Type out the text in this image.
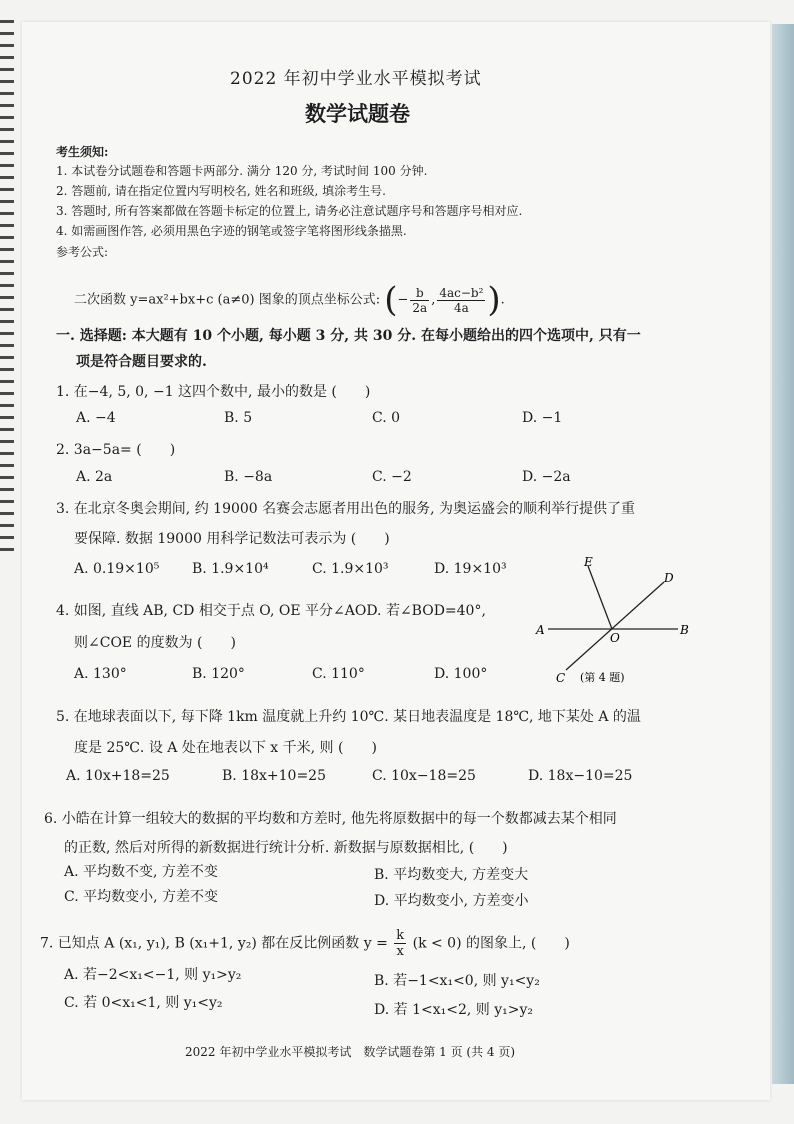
2022 年初中学业水平模拟考试
数学试题卷
考生须知:
1. 本试卷分试题卷和答题卡两部分. 满分 120 分, 考试时间 100 分钟.
2. 答题前, 请在指定位置内写明校名, 姓名和班级, 填涂考生号.
3. 答题时, 所有答案都做在答题卡标定的位置上, 请务必注意试题序号和答题序号相对应.
4. 如需画图作答, 必须用黑色字迹的钢笔或签字笔将图形线条描黑.
参考公式:
二次函数 y=ax²+bx+c (a≠0) 图象的顶点坐标公式: (− $\frac{b}{2a}$ , $\frac{\text{4ac−b²}}{4a}$ ).
一. 选择题: 本大题有 10 个小题, 每小题 3 分, 共 30 分. 在每小题给出的四个选项中, 只有一
项是符合题目要求的.
1. 在−4, 5, 0, −1 这四个数中, 最小的数是 (　　)
A. −4	B. 5	C. 0	D. −1
2. 3a−5a= (　　)
A. 2a	B. −8a	C. −2	D. −2a
3. 在北京冬奥会期间, 约 19000 名赛会志愿者用出色的服务, 为奥运盛会的顺利举行提供了重
要保障. 数据 19000 用科学记数法可表示为 (　　)
A. 0.19×10⁵ B. 1.9×10⁴	C. 1.9×10³	D. 19×10³
4. 如图, 直线 AB, CD 相交于点 O, OE 平分∠AOD. 若∠BOD=40°,
则∠COE 的度数为 (　　)
A. 130°	B. 120°	C. 110°	D. 100°
E
D
A
O
B
C (第 4 题)
5. 在地球表面以下, 每下降 1km 温度就上升约 10℃. 某日地表温度是 18℃, 地下某处 A 的温
度是 25℃. 设 A 处在地表以下 x 千米, 则 (　　)
A. 10x+18=25	B. 18x+10=25	C. 10x−18=25	D. 18x−10=25
6. 小皓在计算一组较大的数据的平均数和方差时, 他先将原数据中的每一个数都减去某个相同
的正数, 然后对所得的新数据进行统计分析. 新数据与原数据相比, (　　)
A. 平均数不变, 方差不变	B. 平均数变大, 方差变大
C. 平均数变小, 方差不变	D. 平均数变小, 方差变小
7. 已知点 A (x₁, y₁), B (x₁+1, y₂) 都在反比例函数 $y = \frac{k}{x} (k < 0)$ 的图象上, (　　)
A. 若−2<x₁<−1, 则 y₁>y₂	B. 若−1<x₁<0, 则 y₁<y₂
C. 若 0<x₁<1, 则 y₁<y₂	D. 若 1<x₁<2, 则 y₁>y₂
2022 年初中学业水平模拟考试　数学试题卷第 1 页 (共 4 页)
